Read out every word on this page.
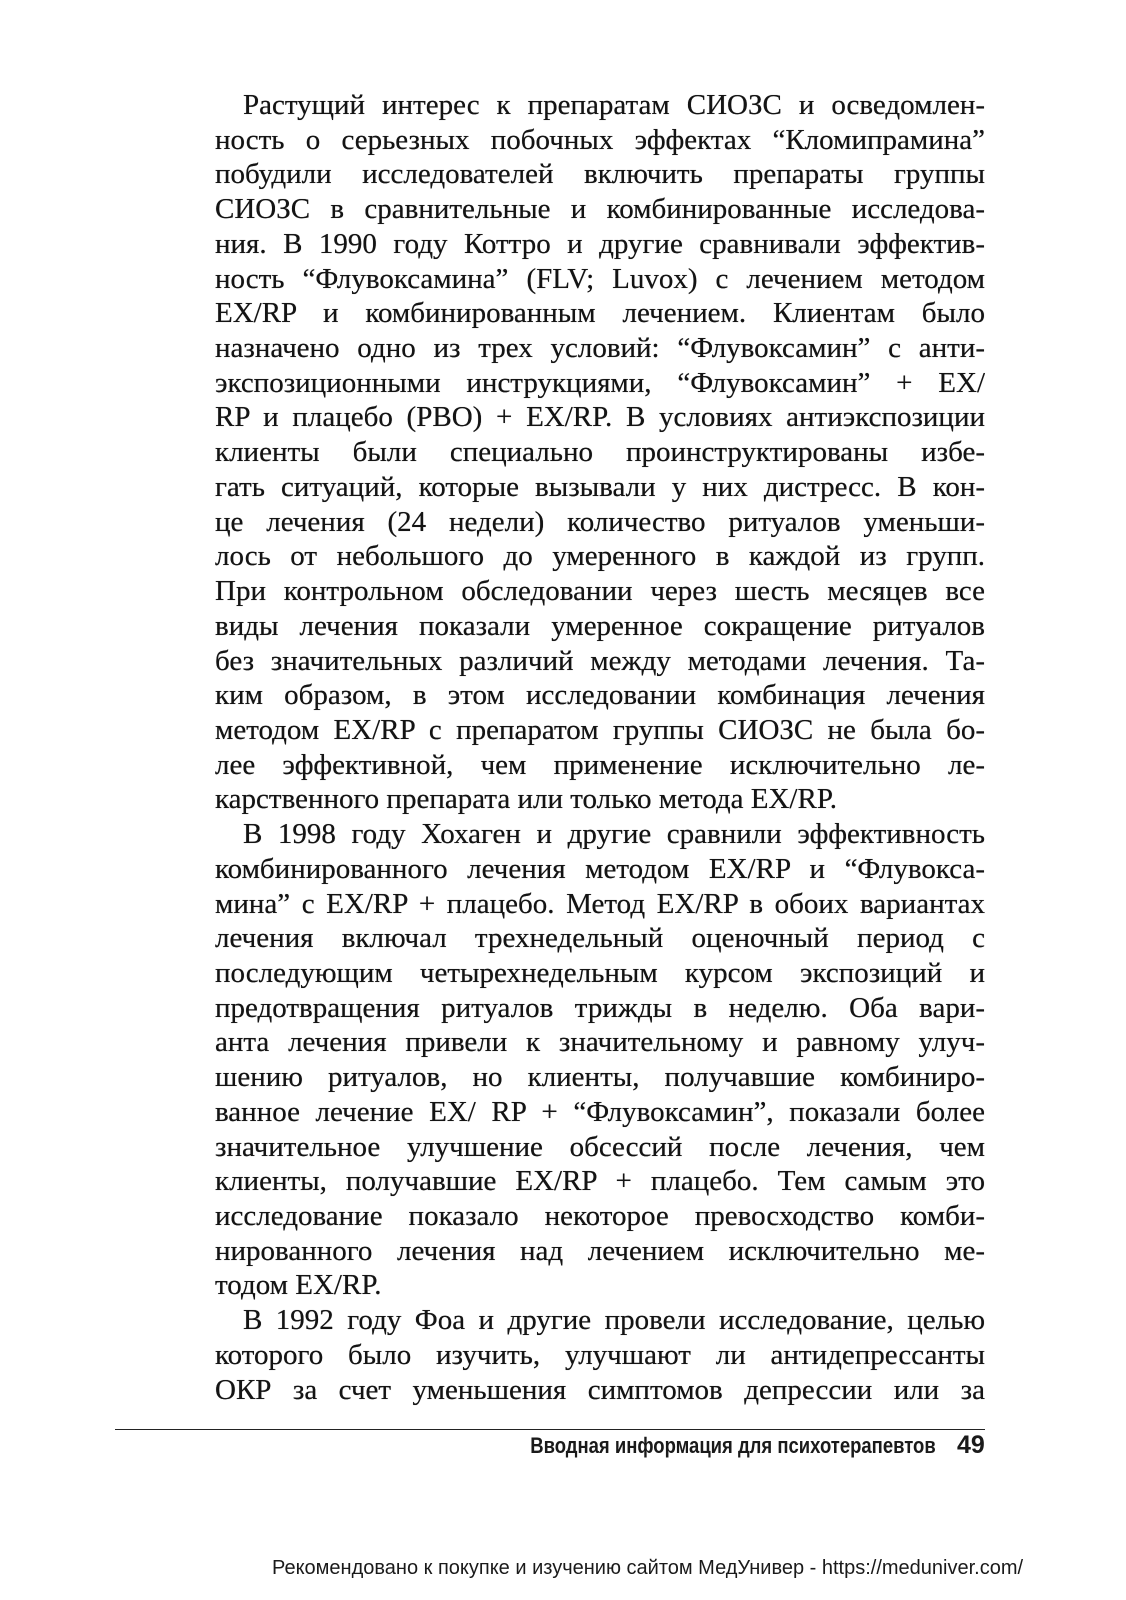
Растущий интерес к препаратам СИОЗС и осведомлен-
ность о серьезных побочных эффектах “Кломипрамина”
побудили исследователей включить препараты группы
СИОЗС в сравнительные и комбинированные исследова-
ния. В 1990 году Коттро и другие сравнивали эффектив-
ность “Флувоксамина” (FLV; Luvox) с лечением методом
EX/RP и комбинированным лечением. Клиентам было
назначено одно из трех условий: “Флувоксамин” с анти-
экспозиционными инструкциями, “Флувоксамин” + EX/
RP и плацебо (PBO) + EX/RP. В условиях антиэкспозиции
клиенты были специально проинструктированы избе-
гать ситуаций, которые вызывали у них дистресс. В кон-
це лечения (24 недели) количество ритуалов уменьши-
лось от небольшого до умеренного в каждой из групп.
При контрольном обследовании через шесть месяцев все
виды лечения показали умеренное сокращение ритуалов
без значительных различий между методами лечения. Та-
ким образом, в этом исследовании комбинация лечения
методом EX/RP с препаратом группы СИОЗС не была бо-
лее эффективной, чем применение исключительно ле-
карственного препарата или только метода EX/RP.
В 1998 году Хохаген и другие сравнили эффективность
комбинированного лечения методом EX/RP и “Флувокса-
мина” с EX/RP + плацебо. Метод EX/RP в обоих вариантах
лечения включал трехнедельный оценочный период с
последующим четырехнедельным курсом экспозиций и
предотвращения ритуалов трижды в неделю. Оба вари-
анта лечения привели к значительному и равному улуч-
шению ритуалов, но клиенты, получавшие комбиниро-
ванное лечение EX/ RP + “Флувоксамин”, показали более
значительное улучшение обсессий после лечения, чем
клиенты, получавшие EX/RP + плацебо. Тем самым это
исследование показало некоторое превосходство комби-
нированного лечения над лечением исключительно ме-
тодом EX/RP.
В 1992 году Фоа и другие провели исследование, целью
которого было изучить, улучшают ли антидепрессанты
ОКР за счет уменьшения симптомов депрессии или за
Вводная информация для психотерапевтов 49
Рекомендовано к покупке и изучению сайтом МедУнивер - https://meduniver.com/
